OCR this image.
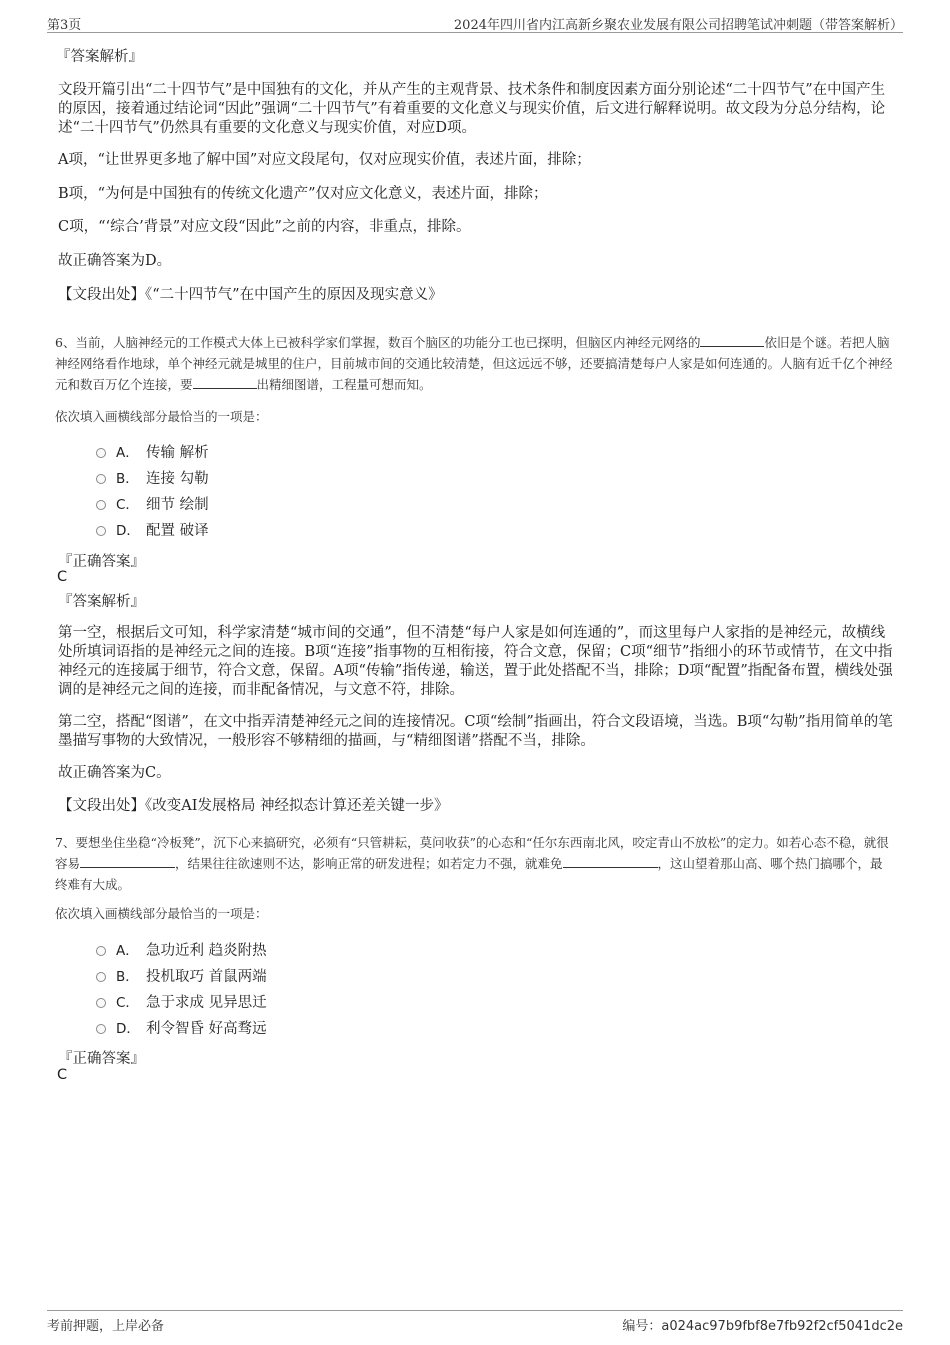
第3页	2024年四川省内江高新乡聚农业发展有限公司招聘笔试冲刺题（带答案解析）
『答案解析』

文段开篇引出“二十四节气”是中国独有的文化，并从产生的主观背景、技术条件和制度因素方面分别论述“二十四节气”在中国产生的原因，接着通过结论词“因此”强调“二十四节气”有着重要的文化意义与现实价值，后文进行解释说明。故文段为分总分结构，论述“二十四节气”仍然具有重要的文化意义与现实价值，对应D项。

A项，“让世界更多地了解中国”对应文段尾句，仅对应现实价值，表述片面，排除；

B项，“为何是中国独有的传统文化遗产”仅对应文化意义，表述片面，排除；

C项，“‘综合’背景”对应文段“因此”之前的内容，非重点，排除。

故正确答案为D。

【文段出处】《“二十四节气”在中国产生的原因及现实意义》

6、当前，人脑神经元的工作模式大体上已被科学家们掌握，数百个脑区的功能分工也已探明，但脑区内神经元网络的	依旧是个谜。若把人脑神经网络看作地球，单个神经元就是城里的住户，目前城市间的交通比较清楚，但这远远不够，还要搞清楚每户人家是如何连通的。人脑有近千亿个神经元和数百万亿个连接，要	出精细图谱，工程量可想而知。

依次填入画横线部分最恰当的一项是：

A． 传输 解析
B． 连接 勾勒
C． 细节 绘制
D． 配置 破译
『正确答案』
C
『答案解析』

第一空，根据后文可知，科学家清楚“城市间的交通”，但不清楚“每户人家是如何连通的”，而这里每户人家指的是神经元，故横线处所填词语指的是神经元之间的连接。B项“连接”指事物的互相衔接，符合文意，保留；C项“细节”指细小的环节或情节，在文中指神经元的连接属于细节，符合文意，保留。A项“传输”指传递，输送，置于此处搭配不当，排除；D项“配置”指配备布置，横线处强调的是神经元之间的连接，而非配备情况，与文意不符，排除。

第二空，搭配“图谱”，在文中指弄清楚神经元之间的连接情况。C项“绘制”指画出，符合文段语境，当选。B项“勾勒”指用简单的笔墨描写事物的大致情况，一般形容不够精细的描画，与“精细图谱”搭配不当，排除。

故正确答案为C。

【文段出处】《改变AI发展格局 神经拟态计算还差关键一步》

7、要想坐住坐稳“冷板凳”，沉下心来搞研究，必须有“只管耕耘，莫问收获”的心态和“任尔东西南北风，咬定青山不放松”的定力。如若心态不稳，就很容易	，结果往往欲速则不达，影响正常的研发进程；如若定力不强，就难免	，这山望着那山高、哪个热门搞哪个，最终难有大成。

依次填入画横线部分最恰当的一项是：

A． 急功近利 趋炎附热
B． 投机取巧 首鼠两端
C． 急于求成 见异思迁
D． 利令智昏 好高骛远
『正确答案』
C
考前押题，上岸必备	编号：a024ac97b9fbf8e7fb92f2cf5041dc2e
